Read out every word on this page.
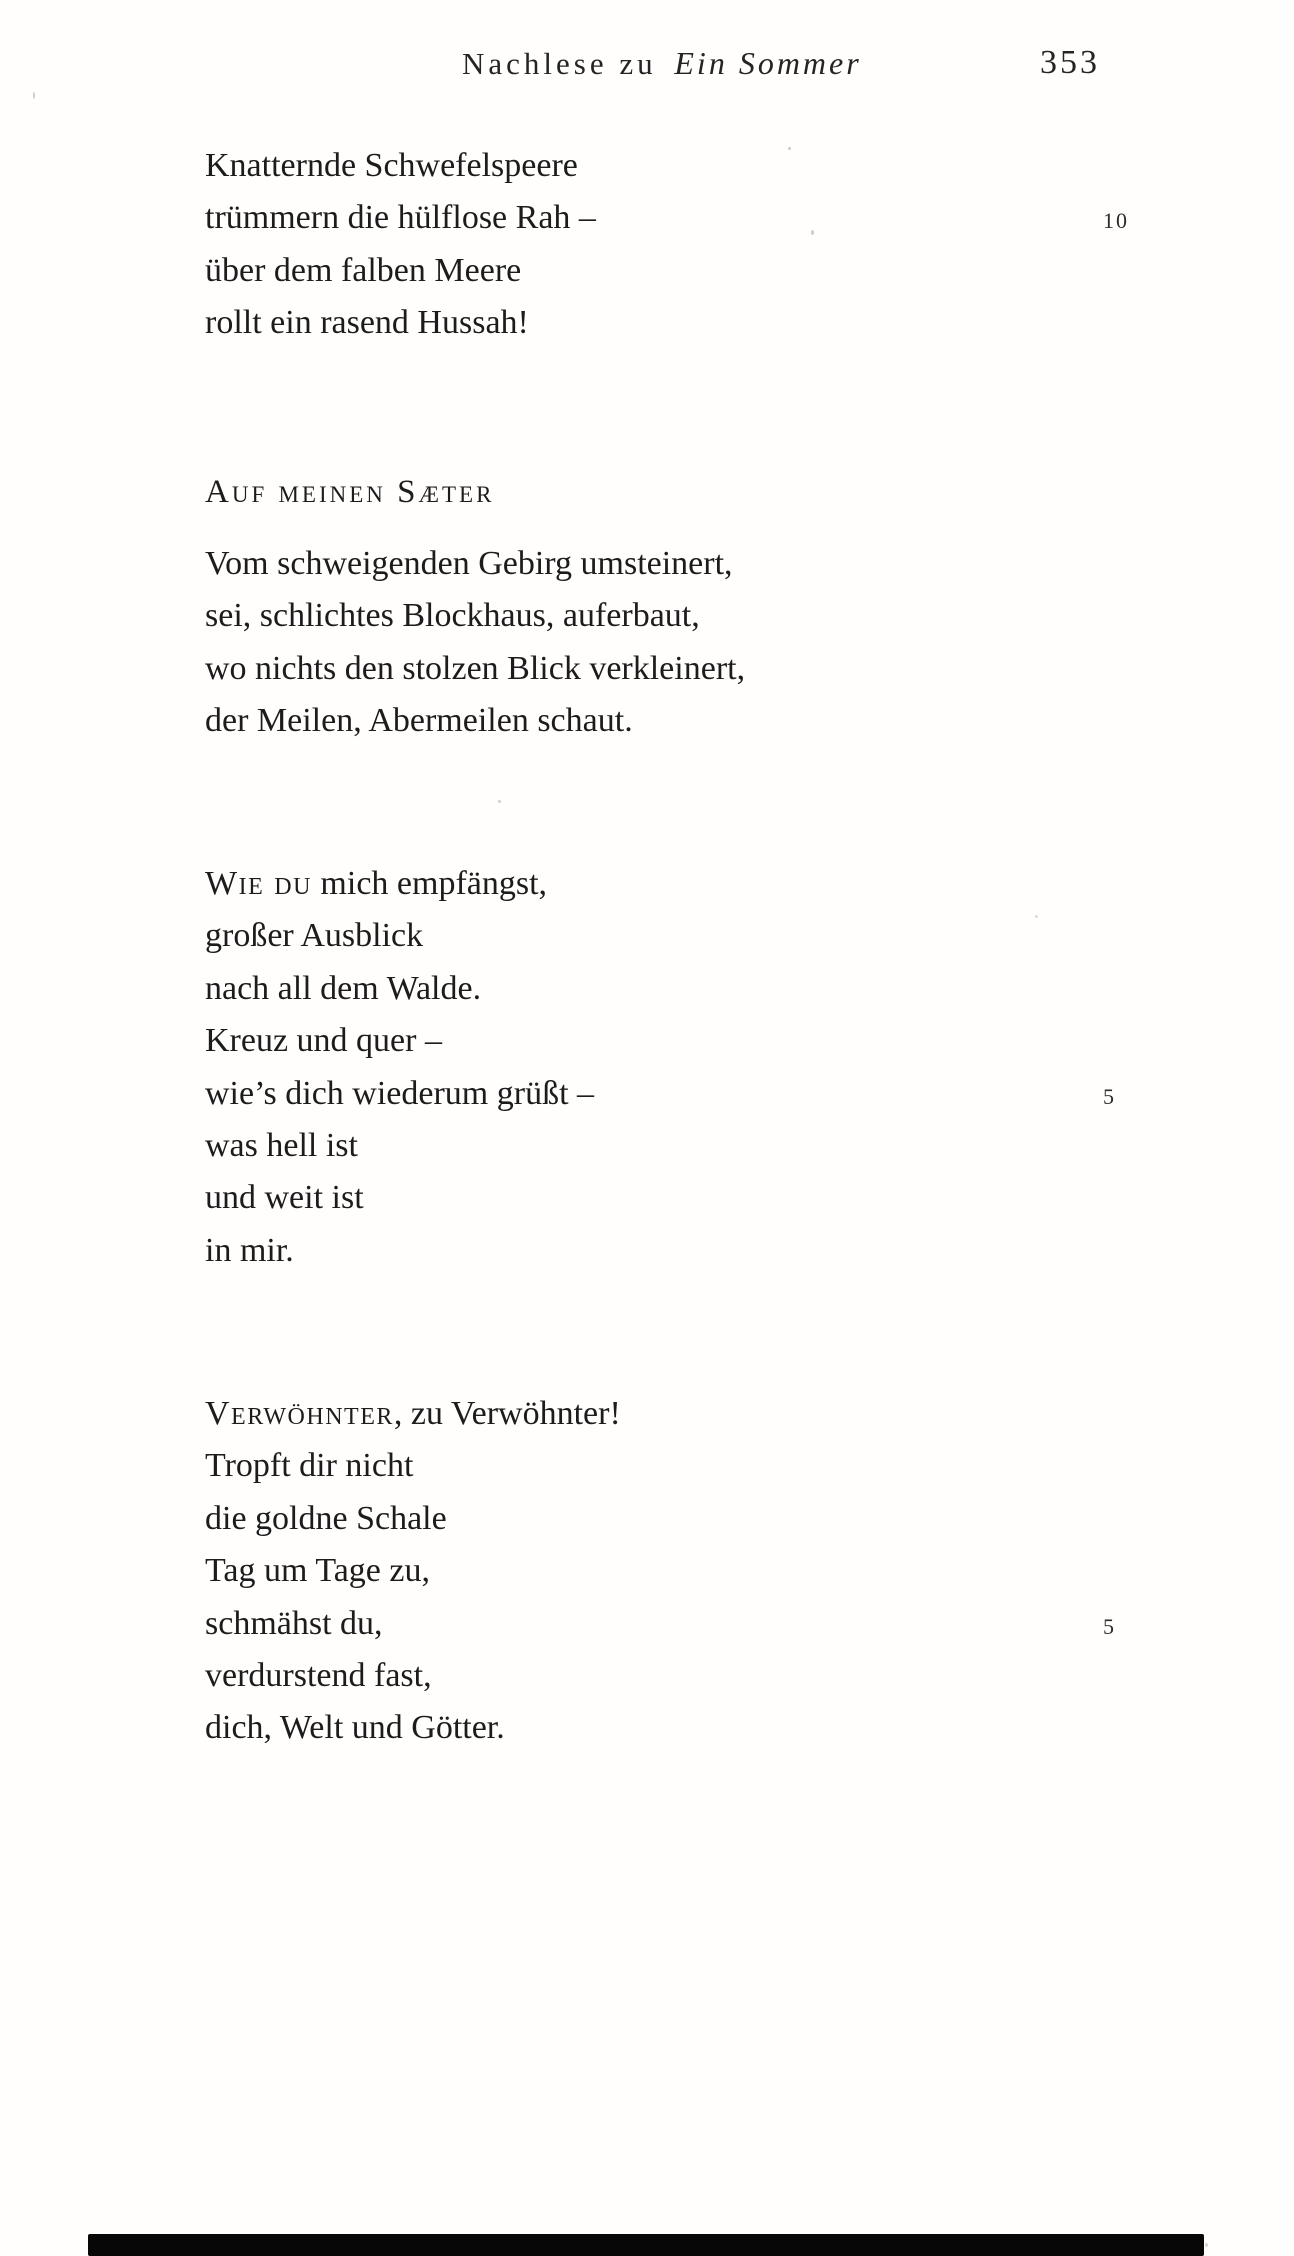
Nachlese zu Ein Sommer	353
Knatternde Schwefelspeere
trümmern die hülflose Rah –	10
über dem falben Meere
rollt ein rasend Hussah!
Auf meinen Sæter
Vom schweigenden Gebirg umsteinert,
sei, schlichtes Blockhaus, auferbaut,
wo nichts den stolzen Blick verkleinert,
der Meilen, Abermeilen schaut.
Wie du mich empfängst,
großer Ausblick
nach all dem Walde.
Kreuz und quer –
wie’s dich wiederum grüßt –	5
was hell ist
und weit ist
in mir.
Verwöhnter, zu Verwöhnter!
Tropft dir nicht
die goldne Schale
Tag um Tage zu,
schmähst du,	5
verdurstend fast,
dich, Welt und Götter.
